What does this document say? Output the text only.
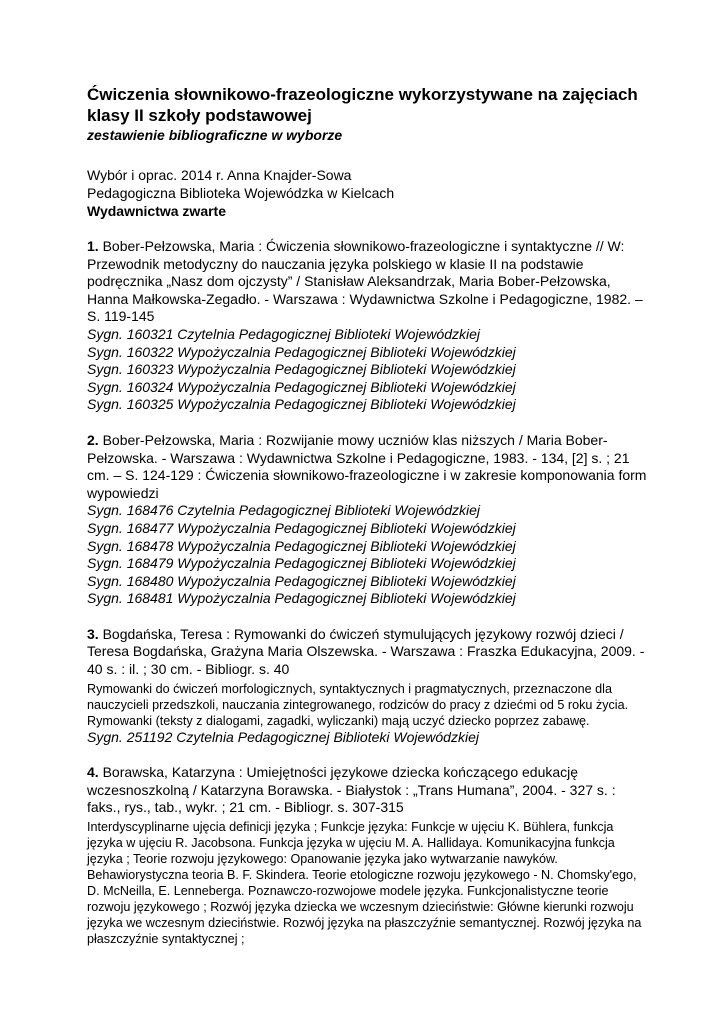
Ćwiczenia słownikowo-frazeologiczne wykorzystywane na zajęciach klasy II szkoły podstawowej

zestawienie bibliograficzne w wyborze

Wybór i oprac. 2014 r. Anna Knajder-Sowa

Pedagogiczna Biblioteka Wojewódzka w Kielcach

Wydawnictwa zwarte

1. Bober-Pełzowska, Maria : Ćwiczenia słownikowo-frazeologiczne i syntaktyczne // W: Przewodnik metodyczny do nauczania języka polskiego w klasie II na podstawie podręcznika „Nasz dom ojczysty” / Stanisław Aleksandrzak, Maria Bober-Pełzowska, Hanna Małkowska-Zegadło. - Warszawa : Wydawnictwa Szkolne i Pedagogiczne, 1982. – S. 119-145

Sygn. 160321 Czytelnia Pedagogicznej Biblioteki Wojewódzkiej

Sygn. 160322 Wypożyczalnia Pedagogicznej Biblioteki Wojewódzkiej

Sygn. 160323 Wypożyczalnia Pedagogicznej Biblioteki Wojewódzkiej

Sygn. 160324 Wypożyczalnia Pedagogicznej Biblioteki Wojewódzkiej

Sygn. 160325 Wypożyczalnia Pedagogicznej Biblioteki Wojewódzkiej

2. Bober-Pełzowska, Maria : Rozwijanie mowy uczniów klas niższych / Maria Bober-Pełzowska. - Warszawa : Wydawnictwa Szkolne i Pedagogiczne, 1983. - 134, [2] s. ; 21 cm. – S. 124-129 : Ćwiczenia słownikowo-frazeologiczne i w zakresie komponowania form wypowiedzi

Sygn. 168476 Czytelnia Pedagogicznej Biblioteki Wojewódzkiej

Sygn. 168477 Wypożyczalnia Pedagogicznej Biblioteki Wojewódzkiej

Sygn. 168478 Wypożyczalnia Pedagogicznej Biblioteki Wojewódzkiej

Sygn. 168479 Wypożyczalnia Pedagogicznej Biblioteki Wojewódzkiej

Sygn. 168480 Wypożyczalnia Pedagogicznej Biblioteki Wojewódzkiej

Sygn. 168481 Wypożyczalnia Pedagogicznej Biblioteki Wojewódzkiej

3. Bogdańska, Teresa : Rymowanki do ćwiczeń stymulujących językowy rozwój dzieci / Teresa Bogdańska, Grażyna Maria Olszewska. - Warszawa : Fraszka Edukacyjna, 2009. - 40 s. : il. ; 30 cm. - Bibliogr. s. 40

Rymowanki do ćwiczeń morfologicznych, syntaktycznych i pragmatycznych, przeznaczone dla nauczycieli przedszkoli, nauczania zintegrowanego, rodziców do pracy z dziećmi od 5 roku życia. Rymowanki (teksty z dialogami, zagadki, wyliczanki) mają uczyć dziecko poprzez zabawę.

Sygn. 251192 Czytelnia Pedagogicznej Biblioteki Wojewódzkiej

4. Borawska, Katarzyna : Umiejętności językowe dziecka kończącego edukację wczesnoszkolną / Katarzyna Borawska. - Białystok : „Trans Humana”, 2004. - 327 s. : faks., rys., tab., wykr. ; 21 cm. - Bibliogr. s. 307-315

Interdyscyplinarne ujęcia definicji języka ; Funkcje języka: Funkcje w ujęciu K. Bühlera, funkcja języka w ujęciu R. Jacobsona. Funkcja języka w ujęciu M. A. Hallidaya. Komunikacyjna funkcja języka ; Teorie rozwoju językowego: Opanowanie języka jako wytwarzanie nawyków. Behawiorystyczna teoria B. F. Skindera. Teorie etologiczne rozwoju językowego - N. Chomsky'ego, D. McNeilla, E. Lenneberga. Poznawczo-rozwojowe modele języka. Funkcjonalistyczne teorie rozwoju językowego ; Rozwój języka dziecka we wczesnym dzieciństwie: Główne kierunki rozwoju języka we wczesnym dzieciństwie. Rozwój języka na płaszczyźnie semantycznej. Rozwój języka na płaszczyźnie syntaktycznej ;
